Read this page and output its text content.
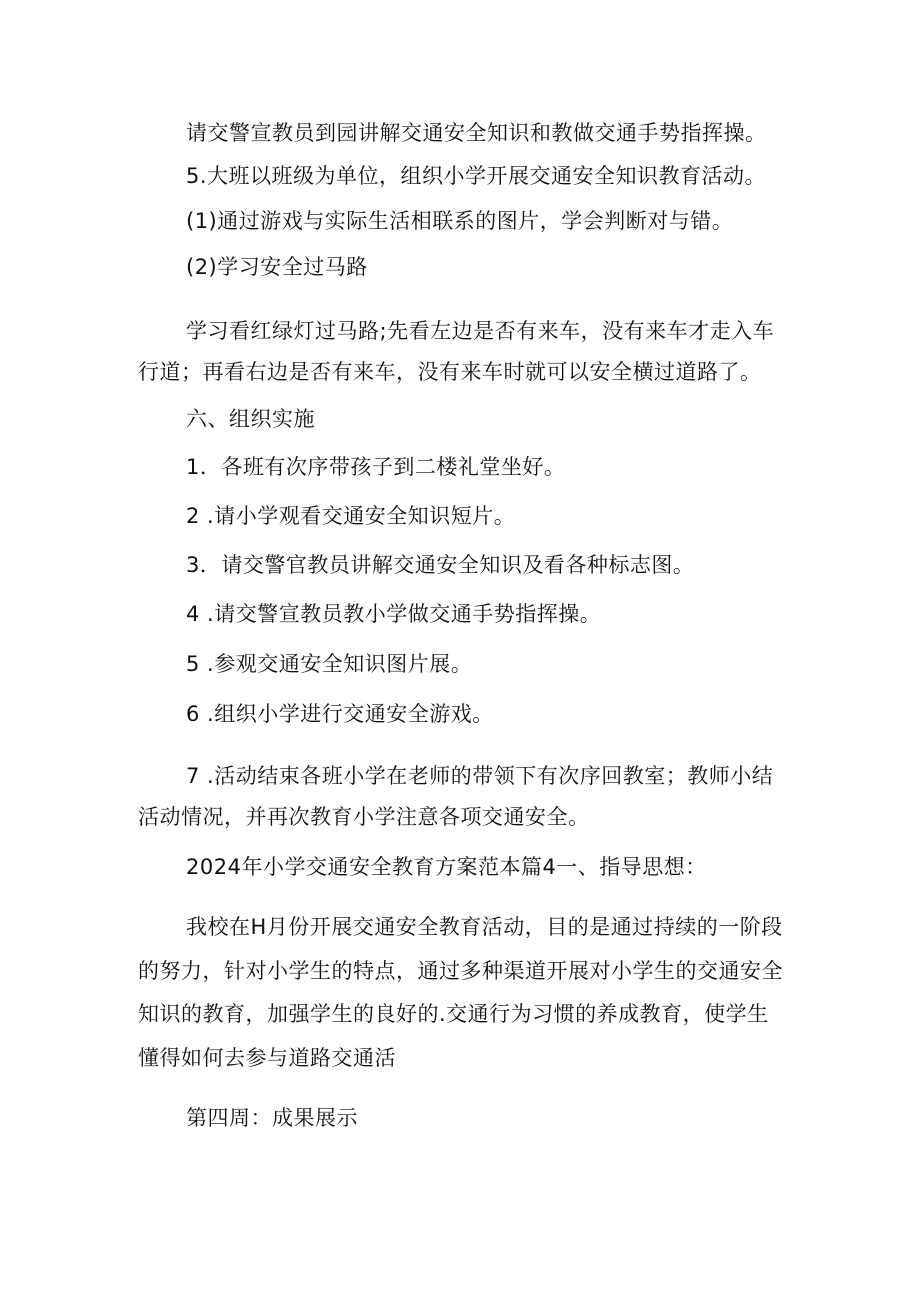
请交警宣教员到园讲解交通安全知识和教做交通手势指挥操。
5.大班以班级为单位，组织小学开展交通安全知识教育活动。
(1)通过游戏与实际生活相联系的图片，学会判断对与错。
(2)学习安全过马路
学习看红绿灯过马路;先看左边是否有来车，没有来车才走入车
行道；再看右边是否有来车，没有来车时就可以安全横过道路了。
六、组织实施
1．各班有次序带孩子到二楼礼堂坐好。
2 .请小学观看交通安全知识短片。
3．请交警官教员讲解交通安全知识及看各种标志图。
4 .请交警宣教员教小学做交通手势指挥操。
5 .参观交通安全知识图片展。
6 .组织小学进行交通安全游戏。
7 .活动结束各班小学在老师的带领下有次序回教室；教师小结
活动情况，并再次教育小学注意各项交通安全。
2024年小学交通安全教育方案范本篇4一、指导思想：
我校在H月份开展交通安全教育活动，目的是通过持续的一阶段
的努力，针对小学生的特点，通过多种渠道开展对小学生的交通安全
知识的教育，加强学生的良好的.交通行为习惯的养成教育，使学生
懂得如何去参与道路交通活
第四周：成果展示
